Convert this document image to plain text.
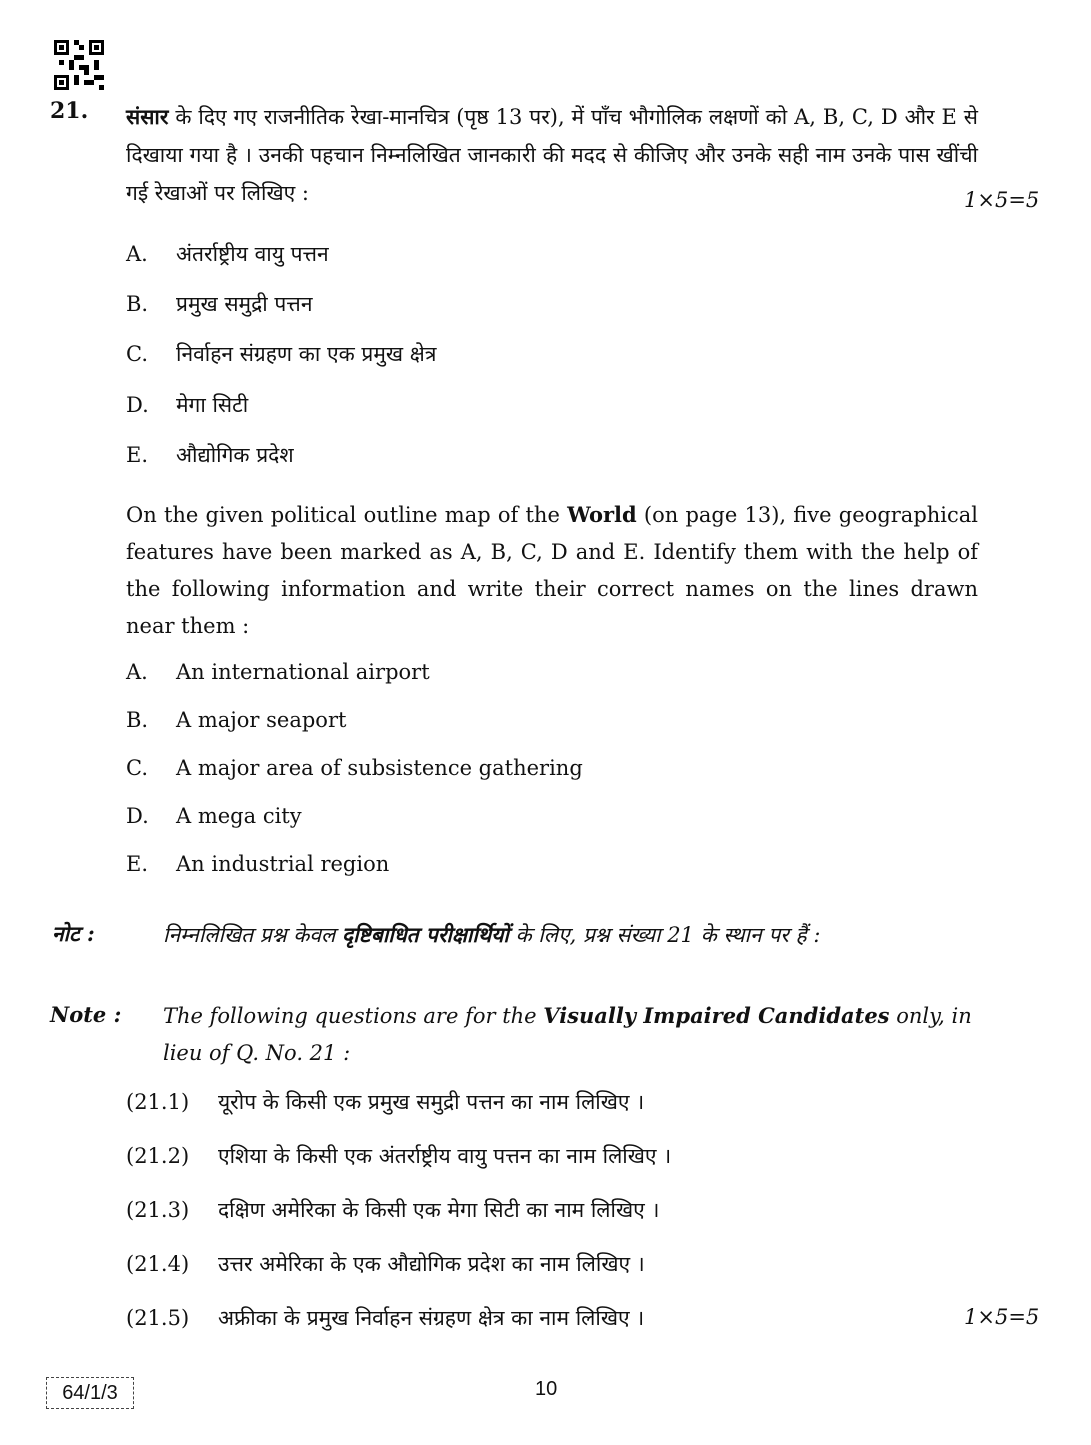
21. संसार के दिए गए राजनीतिक रेखा-मानचित्र (पृष्ठ 13 पर), में पाँच भौगोलिक लक्षणों को A, B, C, D और E से दिखाया गया है । उनकी पहचान निम्नलिखित जानकारी की मदद से कीजिए और उनके सही नाम उनके पास खींची गई रेखाओं पर लिखिए :	1×5=5
A. अंतर्राष्ट्रीय वायु पत्तन
B. प्रमुख समुद्री पत्तन
C. निर्वाहन संग्रहण का एक प्रमुख क्षेत्र
D. मेगा सिटी
E. औद्योगिक प्रदेश
On the given political outline map of the World (on page 13), five geographical features have been marked as A, B, C, D and E. Identify them with the help of the following information and write their correct names on the lines drawn near them :
A. An international airport
B. A major seaport
C. A major area of subsistence gathering
D. A mega city
E. An industrial region
नोट :	निम्नलिखित प्रश्न केवल दृष्टिबाधित परीक्षार्थियों के लिए, प्रश्न संख्या 21 के स्थान पर हैं :
Note : The following questions are for the Visually Impaired Candidates only, in lieu of Q. No. 21 :
(21.1) यूरोप के किसी एक प्रमुख समुद्री पत्तन का नाम लिखिए ।
(21.2) एशिया के किसी एक अंतर्राष्ट्रीय वायु पत्तन का नाम लिखिए ।
(21.3) दक्षिण अमेरिका के किसी एक मेगा सिटी का नाम लिखिए ।
(21.4) उत्तर अमेरिका के एक औद्योगिक प्रदेश का नाम लिखिए ।
(21.5) अफ्रीका के प्रमुख निर्वाहन संग्रहण क्षेत्र का नाम लिखिए ।	1×5=5
64/1/3	10
